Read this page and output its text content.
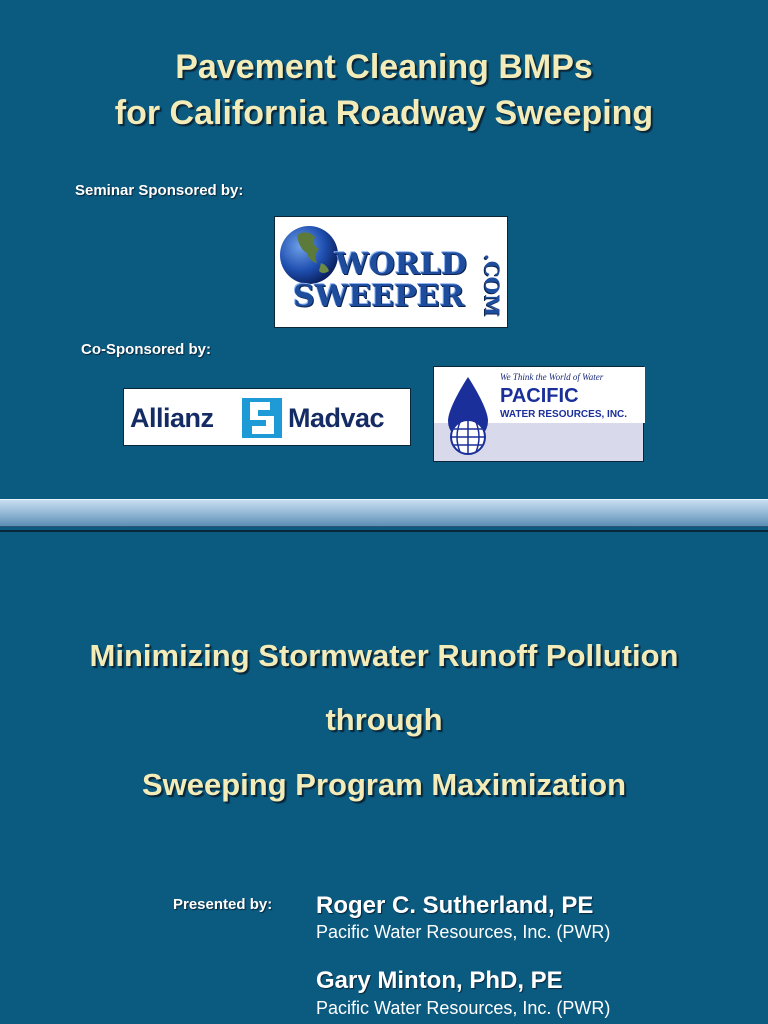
Pavement Cleaning BMPs
for California Roadway Sweeping
Seminar Sponsored by:
WORLD
SWEEPER .COM
Co-Sponsored by:
Allianz	Madvac
We Think the World of Water
PACIFIC
WATER RESOURCES, INC.
Minimizing Stormwater Runoff Pollution
through
Sweeping Program Maximization
Presented by: Roger C. Sutherland, PE
Pacific Water Resources, Inc. (PWR)
Gary Minton, PhD, PE
Pacific Water Resources, Inc. (PWR)
